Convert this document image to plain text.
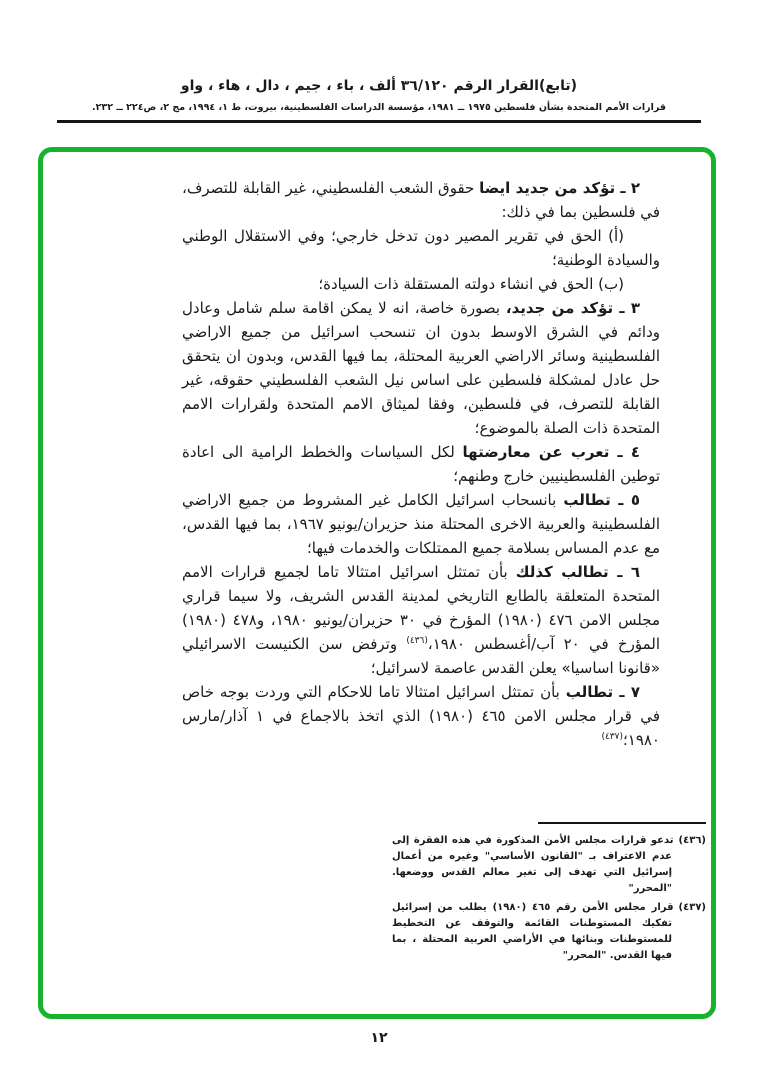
(تابع)القرار الرقم ٣٦/١٢٠ ألف ، باء ، جيم ، دال ، هاء ، واو
قرارات الأمم المتحدة بشأن فلسطين ١٩٧٥ ــ ١٩٨١، مؤسسة الدراسات الفلسطينية، بيروت، ط ١، ١٩٩٤، مج ٢، ص٢٢٤ ــ ٢٣٢.

٢ ـ تؤكد من جديد ايضا حقوق الشعب الفلسطيني، غير القابلة للتصرف، في فلسطين بما في ذلك:

(أ) الحق في تقرير المصير دون تدخل خارجي؛ وفي الاستقلال الوطني والسيادة الوطنية؛

(ب) الحق في انشاء دولته المستقلة ذات السيادة؛

٣ ـ تؤكد من جديد، بصورة خاصة، انه لا يمكن اقامة سلم شامل وعادل ودائم في الشرق الاوسط بدون ان تنسحب اسرائيل من جميع الاراضي الفلسطينية وسائر الاراضي العربية المحتلة، بما فيها القدس، وبدون ان يتحقق حل عادل لمشكلة فلسطين على اساس نيل الشعب الفلسطيني حقوقه، غير القابلة للتصرف، في فلسطين، وفقا لميثاق الامم المتحدة ولقرارات الامم المتحدة ذات الصلة بالموضوع؛

٤ ـ تعرب عن معارضتها لكل السياسات والخطط الرامية الى اعادة توطين الفلسطينيين خارج وطنهم؛

٥ ـ تطالب بانسحاب اسرائيل الكامل غير المشروط من جميع الاراضي الفلسطينية والعربية الاخرى المحتلة منذ حزيران/يونيو ١٩٦٧، بما فيها القدس، مع عدم المساس بسلامة جميع الممتلكات والخدمات فيها؛

٦ ـ تطالب كذلك بأن تمتثل اسرائيل امتثالا تاما لجميع قرارات الامم المتحدة المتعلقة بالطابع التاريخي لمدينة القدس الشريف، ولا سيما قراري مجلس الامن ٤٧٦ (١٩٨٠) المؤرخ في ٣٠ حزيران/يونيو ١٩٨٠، و٤٧٨ (١٩٨٠) المؤرخ في ٢٠ آب/أغسطس ١٩٨٠،$^{(٤٣٦)}$ وترفض سن الكنيست الاسرائيلي «قانونا اساسيا» يعلن القدس عاصمة لاسرائيل؛

٧ ـ تطالب بأن تمتثل اسرائيل امتثالا تاما للاحكام التي وردت بوجه خاص في قرار مجلس الامن ٤٦٥ (١٩٨٠) الذي اتخذ بالاجماع في ١ آذار/مارس ١٩٨٠؛$^{(٤٣٧)}$

(٤٣٦)تدعو قرارات مجلس الأمن المذكورة في هذه الفقرة إلى عدم الاعتراف بـ "القانون الأساسي" وغيره من أعمال إسرائيل التي تهدف إلى تغير معالم القدس ووضعها. "المحرر"

(٤٣٧)قرار مجلس الأمن رقم ٤٦٥ (١٩٨٠) يطلب من إسرائيل تفكيك المستوطنات القائمة والتوقف عن التخطيط للمستوطنات وبنائها في الأراضي العربية المحتلة ، بما فيها القدس. "المحرر"

١٢
